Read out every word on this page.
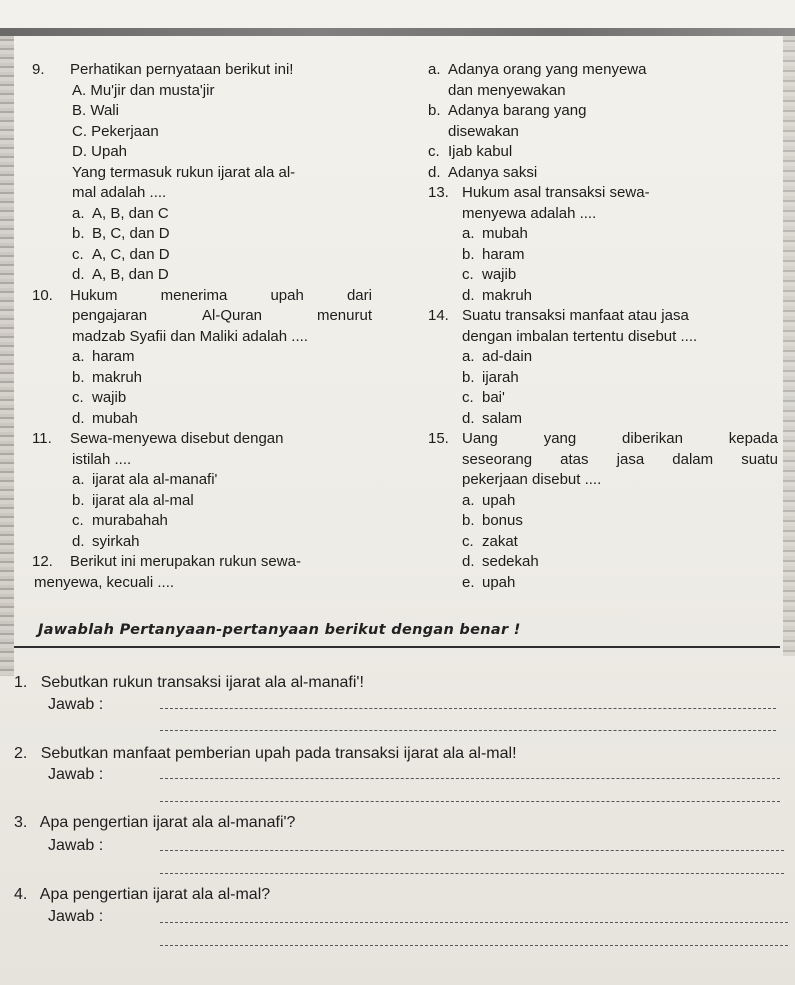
9.	Perhatikan pernyataan berikut ini!
A. Mu'jir dan musta'jir
B. Wali
C. Pekerjaan
D. Upah
Yang termasuk rukun ijarat ala al-
mal adalah ....
a. A, B, dan C
b. B, C, dan D
c. A, C, dan D
d. A, B, dan D
10.	Hukum	menerima	upah	dari
pengajaran	Al-Quran	menurut
madzab Syafii dan Maliki adalah ....
a. haram
b. makruh
c. wajib
d. mubah
11.	Sewa-menyewa disebut dengan
istilah ....
a. ijarat ala al-manafi'
b. ijarat ala al-mal
c. murabahah
d. syirkah
12.	Berikut ini merupakan rukun sewa-
menyewa, kecuali ....
a. Adanya orang yang menyewa
dan menyewakan
b. Adanya barang yang
disewakan
c. Ijab kabul
d. Adanya saksi
13. Hukum asal transaksi sewa-
menyewa adalah ....
a. mubah
b. haram
c. wajib
d. makruh
14. Suatu transaksi manfaat atau jasa
dengan imbalan tertentu disebut ....
a. ad-dain
b. ijarah
c. bai'
d. salam
15. Uang	yang	diberikan	kepada
seseorang atas jasa dalam suatu
pekerjaan disebut ....
a. upah
b. bonus
c. zakat
d. sedekah
e. upah
Jawablah Pertanyaan-pertanyaan berikut dengan benar !
1. Sebutkan rukun transaksi ijarat ala al-manafi'!
Jawab :
2. Sebutkan manfaat pemberian upah pada transaksi ijarat ala al-mal!
Jawab :
3. Apa pengertian ijarat ala al-manafi'?
Jawab :
4. Apa pengertian ijarat ala al-mal?
Jawab :
